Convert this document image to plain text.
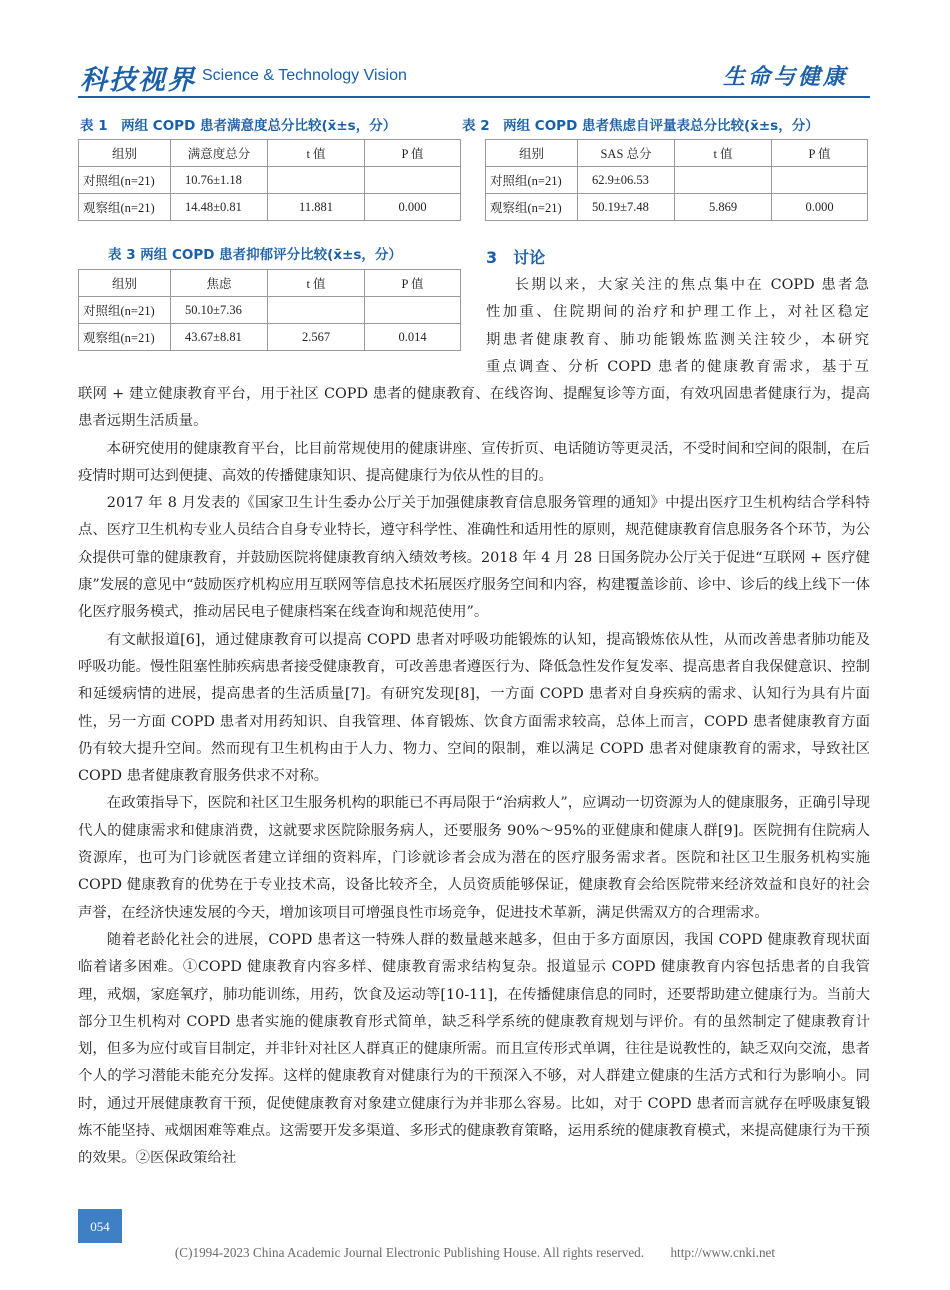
科技视界 Science & Technology Vision	生命与健康
表 1　两组 COPD 患者满意度总分比较(x̄±s，分）
组别	满意度总分	t 值	P 值
对照组(n=21)	10.76±1.18		
观察组(n=21)	14.48±0.81	11.881	0.000
表 2　两组 COPD 患者焦虑自评量表总分比较(x̄±s，分）
组别	SAS 总分	t 值	P 值
对照组(n=21)	62.9±06.53		
观察组(n=21)	50.19±7.48	5.869	0.000
表 3 两组 COPD 患者抑郁评分比较(x̄±s，分）
组别	焦虑	t 值	P 值
对照组(n=21)	50.10±7.36		
观察组(n=21)	43.67±8.81	2.567	0.014
3　讨论

长期以来，大家关注的焦点集中在 COPD 患者急

性加重、住院期间的治疗和护理工作上，对社区稳定

期患者健康教育、肺功能锻炼监测关注较少，本研究

重点调查、分析 COPD 患者的健康教育需求，基于互

联网 + 建立健康教育平台，用于社区 COPD 患者的健康教育、在线咨询、提醒复诊等方面，有效巩固患者健康行为，提高患者远期生活质量。

本研究使用的健康教育平台，比目前常规使用的健康讲座、宣传折页、电话随访等更灵活，不受时间和空间的限制，在后疫情时期可达到便捷、高效的传播健康知识、提高健康行为依从性的目的。

2017 年 8 月发表的《国家卫生计生委办公厅关于加强健康教育信息服务管理的通知》中提出医疗卫生机构结合学科特点、医疗卫生机构专业人员结合自身专业特长，遵守科学性、准确性和适用性的原则，规范健康教育信息服务各个环节，为公众提供可靠的健康教育，并鼓励医院将健康教育纳入绩效考核。2018 年 4 月 28 日国务院办公厅关于促进“互联网 + 医疗健康”发展的意见中“鼓励医疗机构应用互联网等信息技术拓展医疗服务空间和内容，构建覆盖诊前、诊中、诊后的线上线下一体化医疗服务模式，推动居民电子健康档案在线查询和规范使用”。

有文献报道[6]，通过健康教育可以提高 COPD 患者对呼吸功能锻炼的认知，提高锻炼依从性，从而改善患者肺功能及呼吸功能。慢性阻塞性肺疾病患者接受健康教育，可改善患者遵医行为、降低急性发作复发率、提高患者自我保健意识、控制和延缓病情的进展，提高患者的生活质量[7]。有研究发现[8]，一方面 COPD 患者对自身疾病的需求、认知行为具有片面性，另一方面 COPD 患者对用药知识、自我管理、体育锻炼、饮食方面需求较高，总体上而言，COPD 患者健康教育方面仍有较大提升空间。然而现有卫生机构由于人力、物力、空间的限制，难以满足 COPD 患者对健康教育的需求，导致社区 COPD 患者健康教育服务供求不对称。

在政策指导下，医院和社区卫生服务机构的职能已不再局限于“治病救人”，应调动一切资源为人的健康服务，正确引导现代人的健康需求和健康消费，这就要求医院除服务病人，还要服务 90%～95%的亚健康和健康人群[9]。医院拥有住院病人资源库，也可为门诊就医者建立详细的资料库，门诊就诊者会成为潜在的医疗服务需求者。医院和社区卫生服务机构实施 COPD 健康教育的优势在于专业技术高，设备比较齐全，人员资质能够保证，健康教育会给医院带来经济效益和良好的社会声誉，在经济快速发展的今天，增加该项目可增强良性市场竞争，促进技术革新，满足供需双方的合理需求。

随着老龄化社会的进展，COPD 患者这一特殊人群的数量越来越多，但由于多方面原因，我国 COPD 健康教育现状面临着诸多困难。①COPD 健康教育内容多样、健康教育需求结构复杂。报道显示 COPD 健康教育内容包括患者的自我管理，戒烟，家庭氧疗，肺功能训练，用药，饮食及运动等[10-11]，在传播健康信息的同时，还要帮助建立健康行为。当前大部分卫生机构对 COPD 患者实施的健康教育形式简单，缺乏科学系统的健康教育规划与评价。有的虽然制定了健康教育计划，但多为应付或盲目制定，并非针对社区人群真正的健康所需。而且宣传形式单调，往往是说教性的，缺乏双向交流，患者个人的学习潜能未能充分发挥。这样的健康教育对健康行为的干预深入不够，对人群建立健康的生活方式和行为影响小。同时，通过开展健康教育干预，促使健康教育对象建立健康行为并非那么容易。比如，对于 COPD 患者而言就存在呼吸康复锻炼不能坚持、戒烟困难等难点。这需要开发多渠道、多形式的健康教育策略，运用系统的健康教育模式，来提高健康行为干预的效果。②医保政策给社

054
(C)1994-2023 China Academic Journal Electronic Publishing House. All rights reserved.　　http://www.cnki.net
